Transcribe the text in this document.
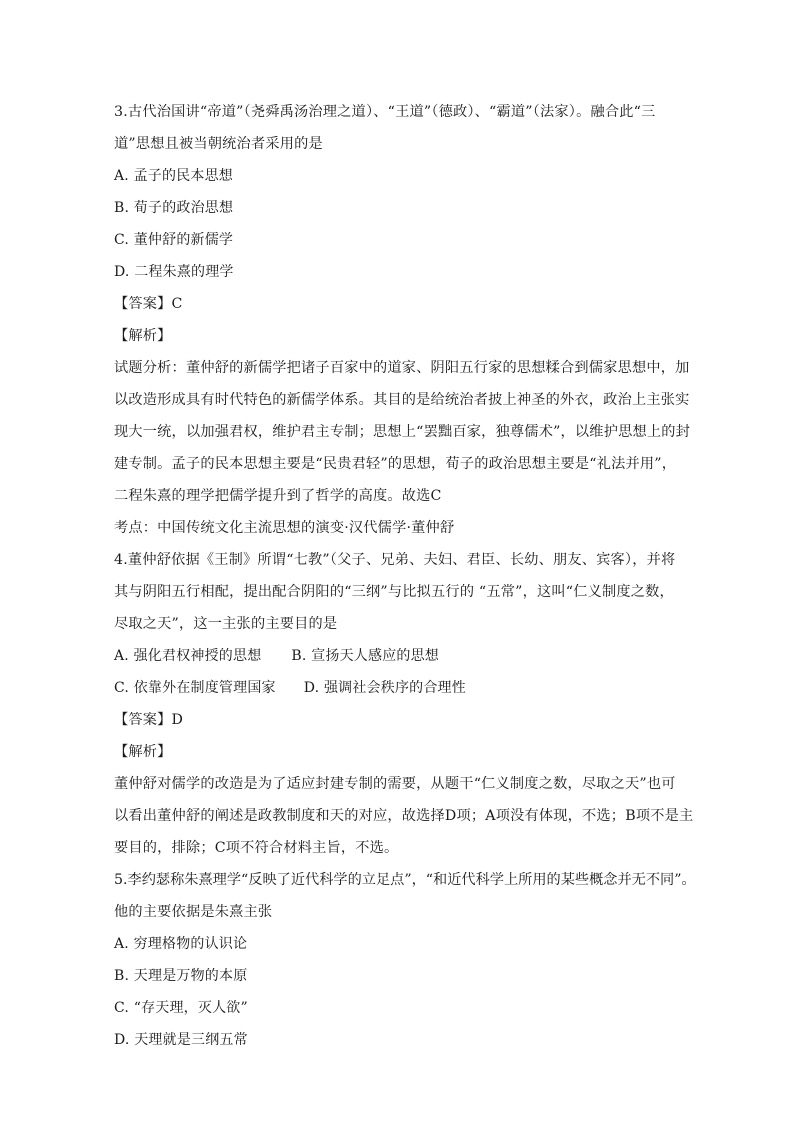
3.古代治国讲“帝道”（尧舜禹汤治理之道）、“王道”（德政）、“霸道”（法家）。融合此“三
道”思想且被当朝统治者采用的是
A. 孟子的民本思想
B. 荀子的政治思想
C. 董仲舒的新儒学
D. 二程朱熹的理学
【答案】C
【解析】
试题分析：董仲舒的新儒学把诸子百家中的道家、阴阳五行家的思想糅合到儒家思想中，加
以改造形成具有时代特色的新儒学体系。其目的是给统治者披上神圣的外衣，政治上主张实
现大一统，以加强君权，维护君主专制；思想上“罢黜百家，独尊儒术”，以维护思想上的封
建专制。孟子的民本思想主要是“民贵君轻”的思想，荀子的政治思想主要是“礼法并用”，
二程朱熹的理学把儒学提升到了哲学的高度。故选C
考点：中国传统文化主流思想的演变·汉代儒学·董仲舒
4.董仲舒依据《王制》所谓“七教”（父子、兄弟、夫妇、君臣、长幼、朋友、宾客），并将
其与阴阳五行相配，提出配合阴阳的“三纲”与比拟五行的 “五常”，这叫“仁义制度之数，
尽取之天”，这一主张的主要目的是
A. 强化君权神授的思想 B. 宣扬天人感应的思想
C. 依靠外在制度管理国家 D. 强调社会秩序的合理性
【答案】D
【解析】
董仲舒对儒学的改造是为了适应封建专制的需要，从题干“仁义制度之数，尽取之天”也可
以看出董仲舒的阐述是政教制度和天的对应，故选择D项；A项没有体现，不选；B项不是主
要目的，排除；C项不符合材料主旨，不选。
5.李约瑟称朱熹理学“反映了近代科学的立足点”，“和近代科学上所用的某些概念并无不同”。
他的主要依据是朱熹主张
A. 穷理格物的认识论
B. 天理是万物的本原
C. “存天理，灭人欲”
D. 天理就是三纲五常
